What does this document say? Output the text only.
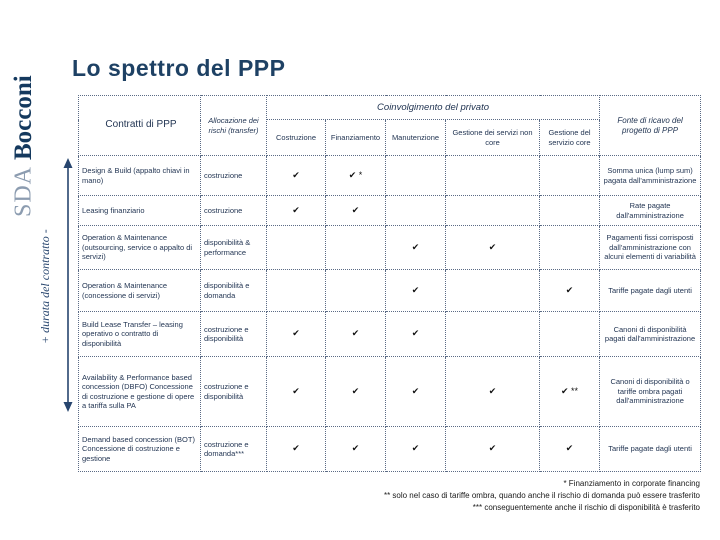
SDA
Bocconi
Lo spettro del PPP
+ durata del contratto -
Contratti di PPP	Allocazione dei rischi (transfer)	Coinvolgimento del privato					Fonte di ricavo del progetto di PPP
		Costruzione	Finanziamento	Manutenzione	Gestione dei servizi non core	Gestione del servizio core	
Design & Build (appalto chiavi in mano)	costruzione	✔	✔ *				Somma unica (lump sum) pagata dall'amministrazione
Leasing finanziario	costruzione	✔	✔				Rate pagate dall'amministrazione
Operation & Maintenance (outsourcing, service o appalto di servizi)	disponibilità & performance			✔	✔		Pagamenti fissi corrisposti dall'amministrazione con alcuni elementi di variabilità
Operation & Maintenance (concessione di servizi)	disponibilità e domanda			✔		✔	Tariffe pagate dagli utenti
Build Lease Transfer – leasing operativo o contratto di disponibilità	costruzione e disponibilità	✔	✔	✔			Canoni di disponibilità pagati dall'amministrazione
Availability & Performance based concession (DBFO) Concessione di costruzione e gestione di opere a tariffa sulla PA	costruzione e disponibilità	✔	✔	✔	✔	✔ **	Canoni di disponibilità o tariffe ombra pagati dall'amministrazione
Demand based concession (BOT) Concessione di costruzione e gestione	costruzione e domanda***	✔	✔	✔	✔	✔	Tariffe pagate dagli utenti
* Finanziamento in corporate financing
** solo nel caso di tariffe ombra, quando anche il rischio di domanda può essere trasferito
*** conseguentemente anche il rischio di disponibilità è trasferito
